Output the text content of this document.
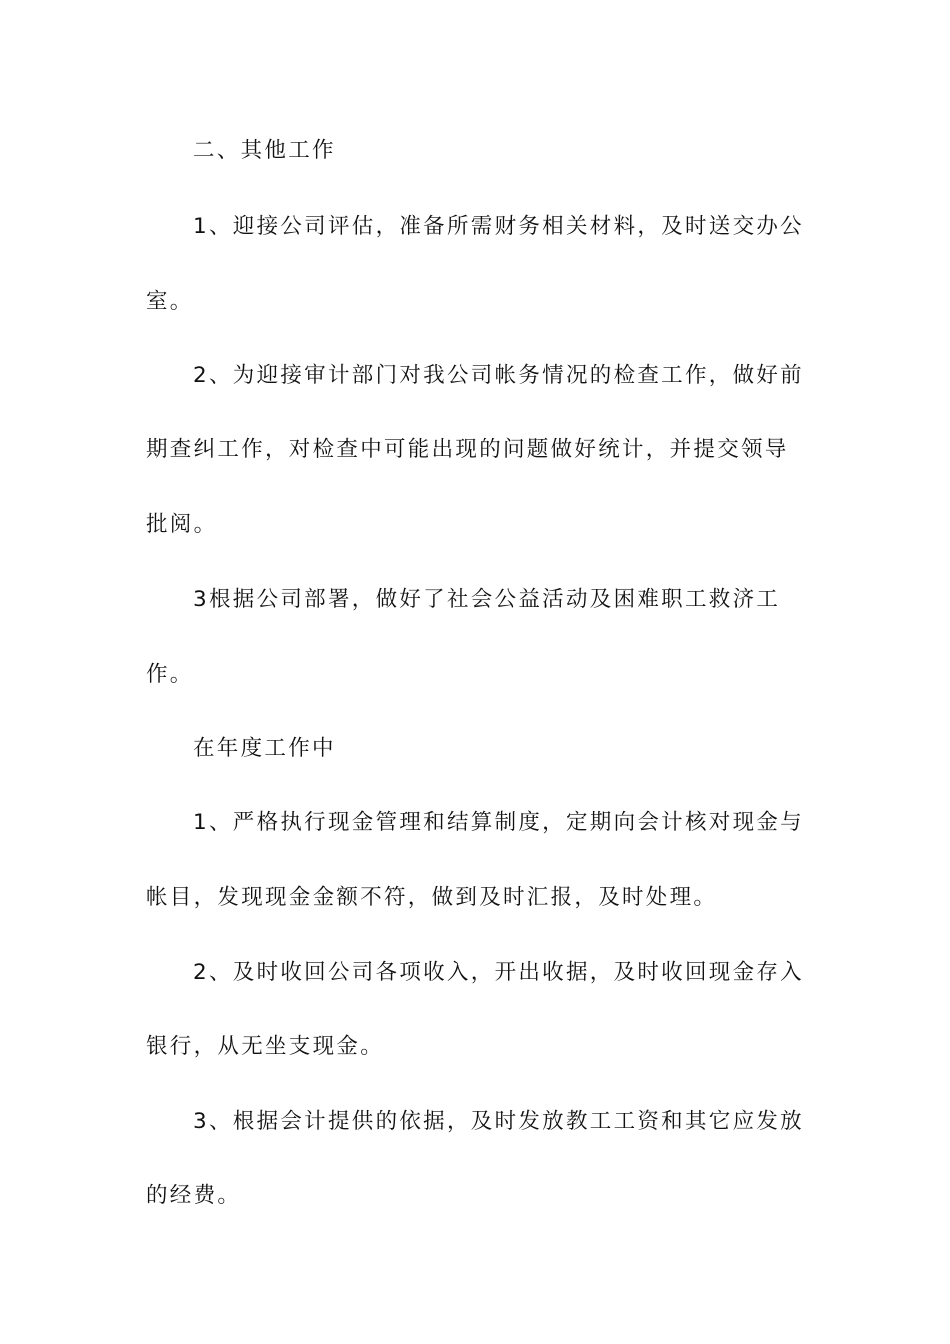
二、其他工作
1、迎接公司评估，准备所需财务相关材料，及时送交办公
室。
2、为迎接审计部门对我公司帐务情况的检查工作，做好前
期查纠工作，对检查中可能出现的问题做好统计，并提交领导
批阅。
3根据公司部署，做好了社会公益活动及困难职工救济工
作。
在年度工作中
1、严格执行现金管理和结算制度，定期向会计核对现金与
帐目，发现现金金额不符，做到及时汇报，及时处理。
2、及时收回公司各项收入，开出收据，及时收回现金存入
银行，从无坐支现金。
3、根据会计提供的依据，及时发放教工工资和其它应发放
的经费。
